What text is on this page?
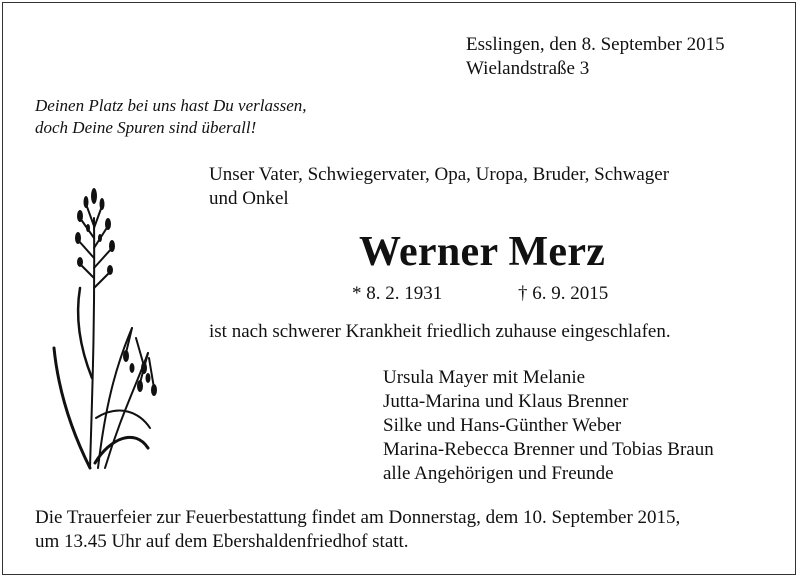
Esslingen, den 8. September 2015
Wielandstraße 3
Deinen Platz bei uns hast Du verlassen,
doch Deine Spuren sind überall!
Unser Vater, Schwiegervater, Opa, Uropa, Bruder, Schwager
und Onkel
Werner Merz
* 8. 2. 1931	† 6. 9. 2015
ist nach schwerer Krankheit friedlich zuhause eingeschlafen.
Ursula Mayer mit Melanie
Jutta-Marina und Klaus Brenner
Silke und Hans-Günther Weber
Marina-Rebecca Brenner und Tobias Braun
alle Angehörigen und Freunde
Die Trauerfeier zur Feuerbestattung findet am Donnerstag, dem 10. September 2015,
um 13.45 Uhr auf dem Ebershaldenfriedhof statt.
